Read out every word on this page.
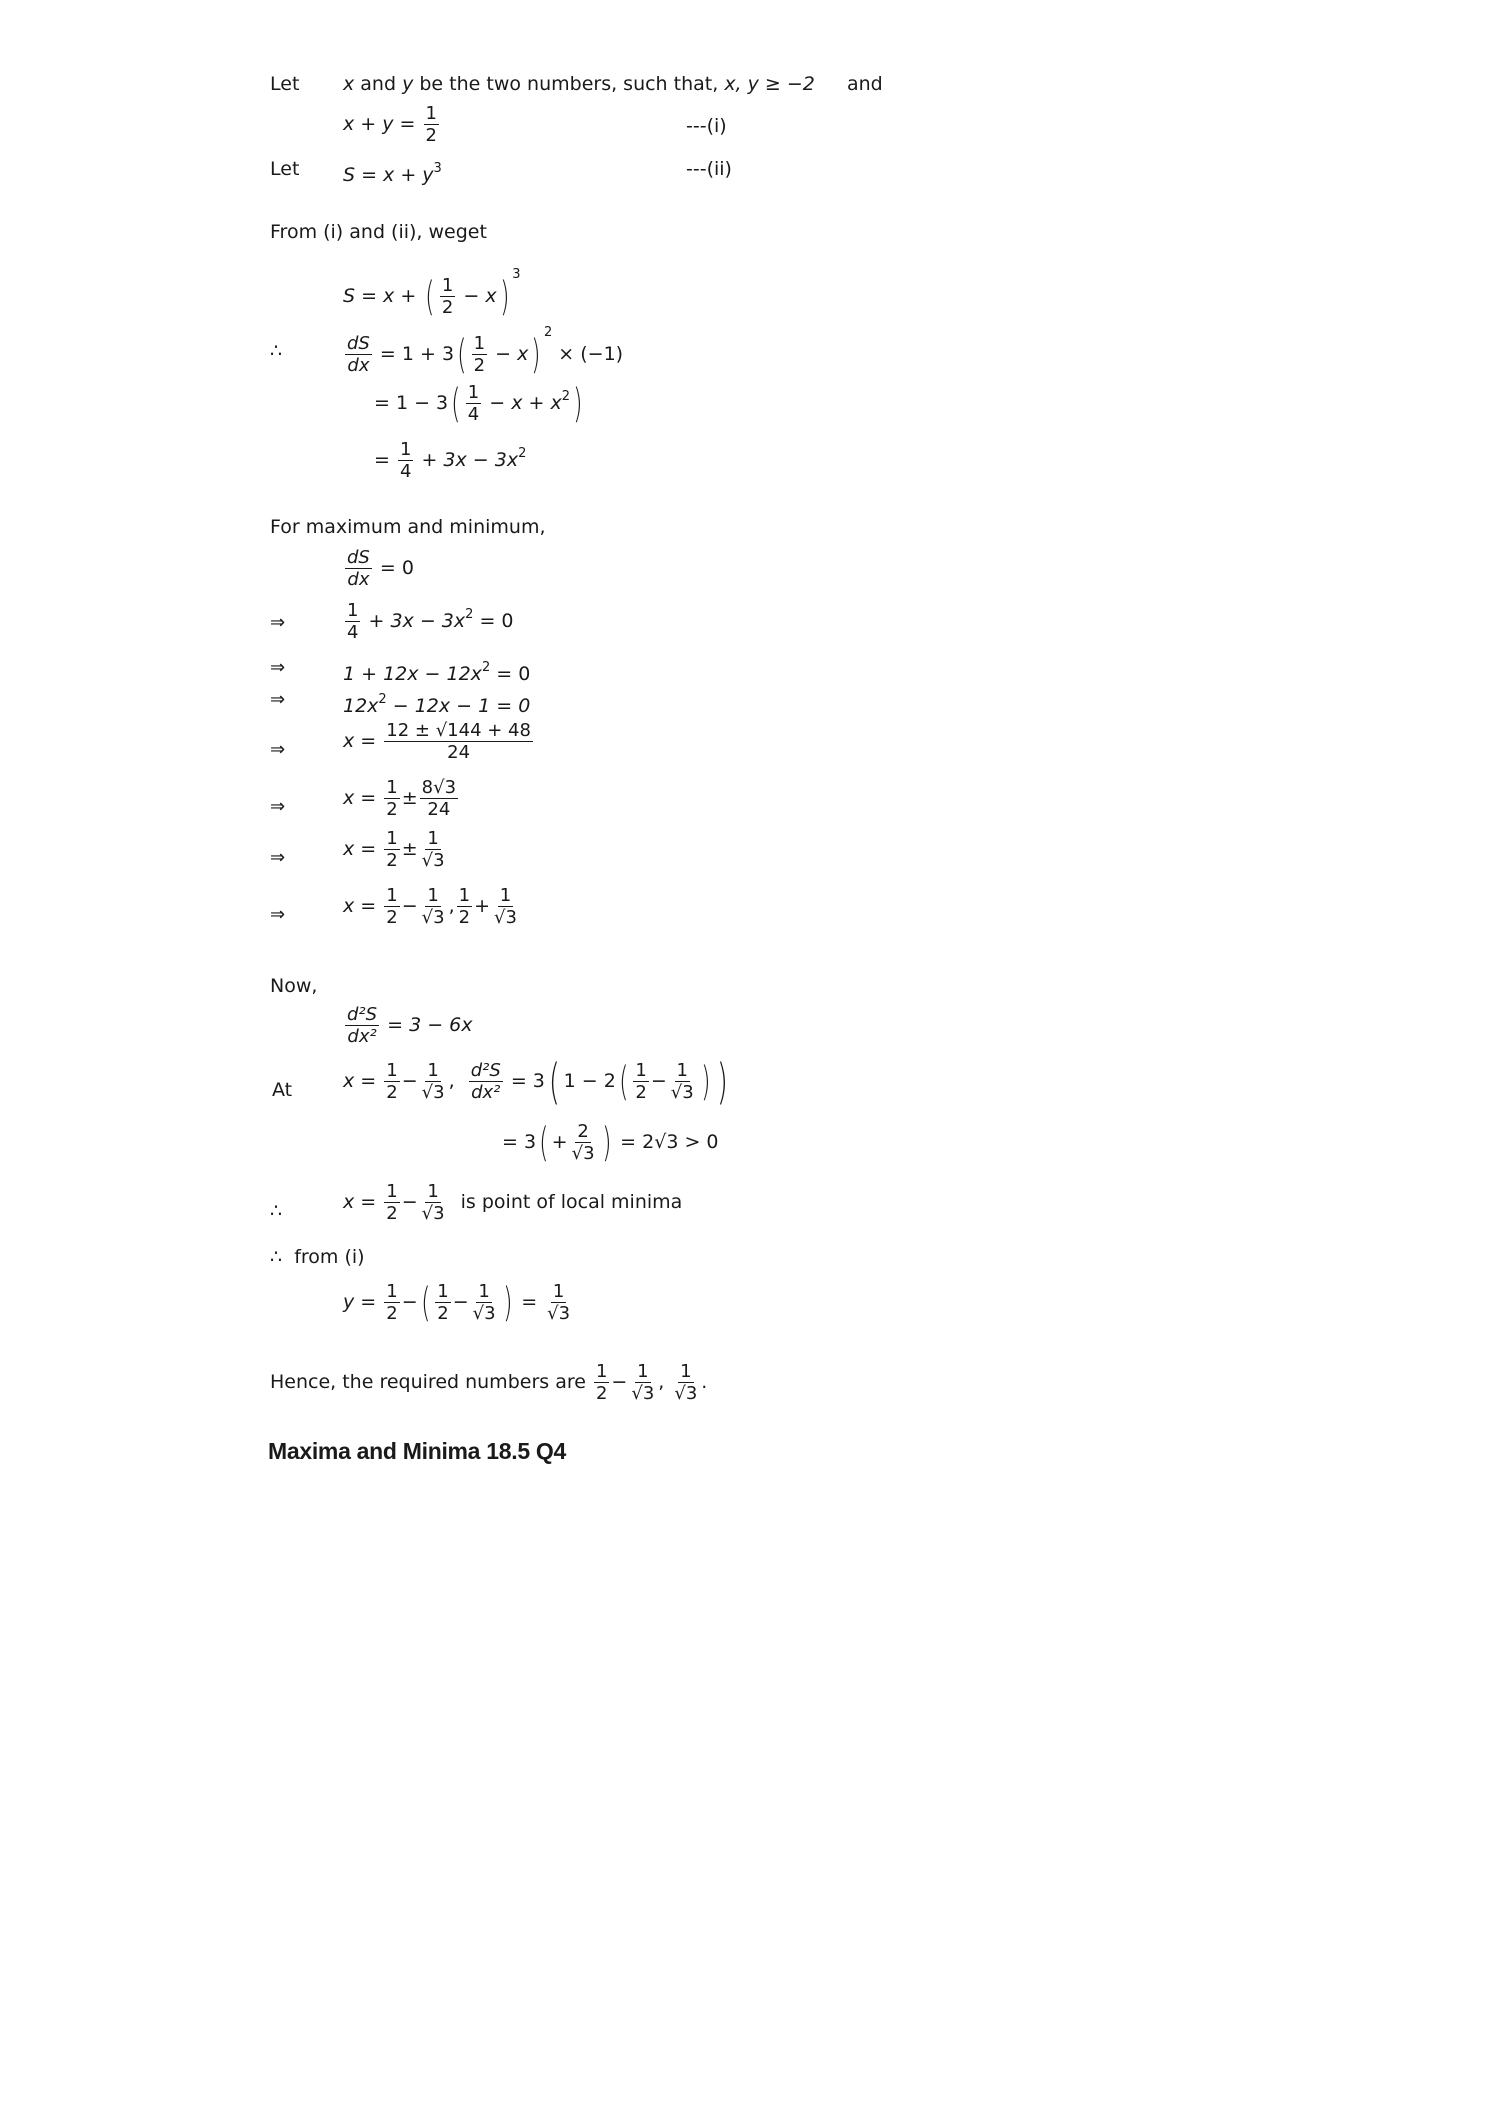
Let x and y be the two numbers, such that, x, y ≥ −2 and
$x + y = \frac{1}{2}$	---(i)
Let $S = x + y^3$	---(ii)
From (i) and (ii), weget
S = x + ( $\frac{1}{2} - x$) $^3$
∴	$\frac{dS}{dx} = 1 + 3( \frac{1}{2} - x) ^2 \times (-1)$
= $1 - 3( \frac{1}{4} - x + x^2)$
= $\frac{1}{4} + 3x - 3x^2$
For maximum and minimum,
$\frac{dS}{dx} = 0$
⇒	$\frac{1}{4} + 3x - 3x^2 = 0$
⇒	$1 + 12x - 12x^2 = 0$
⇒	$12x^2 - 12x - 1 = 0$
⇒	$x = \frac{12 \pm √144 + 48}{24}$
⇒	$x = \frac{1}{2} \pm \frac{8√3}{24}$
⇒	$x = \frac{1}{2} \pm \frac{1}{√3}$
⇒	$x = \frac{1}{2} - \frac{1}{√3}$ , $\frac{1}{2} + \frac{1}{√3}$
Now,
$\frac{\text{d²S}}{\text{dx²}} = 3 - 6x$
At	$x = \frac{1}{2} - \frac{1}{√3}$ , $\frac{\text{d²S}}{\text{dx²}} = 3$( $1 - 2( \frac{1}{2} - \frac{1}{√3}$ ) )
= $3( + \frac{2}{√3}$ ) = 2√3 > 0
∴	$x = \frac{1}{2} - \frac{1}{√3}$ is point of local minima
∴ from (i)
$y = \frac{1}{2}$ −( $\frac{1}{2} - \frac{1}{√3}$ ) = $\frac{1}{√3}$
Hence, the required numbers are $\frac{1}{2} - \frac{1}{√3}$ , $\frac{1}{√3}$ .
Maxima and Minima 18.5 Q4
